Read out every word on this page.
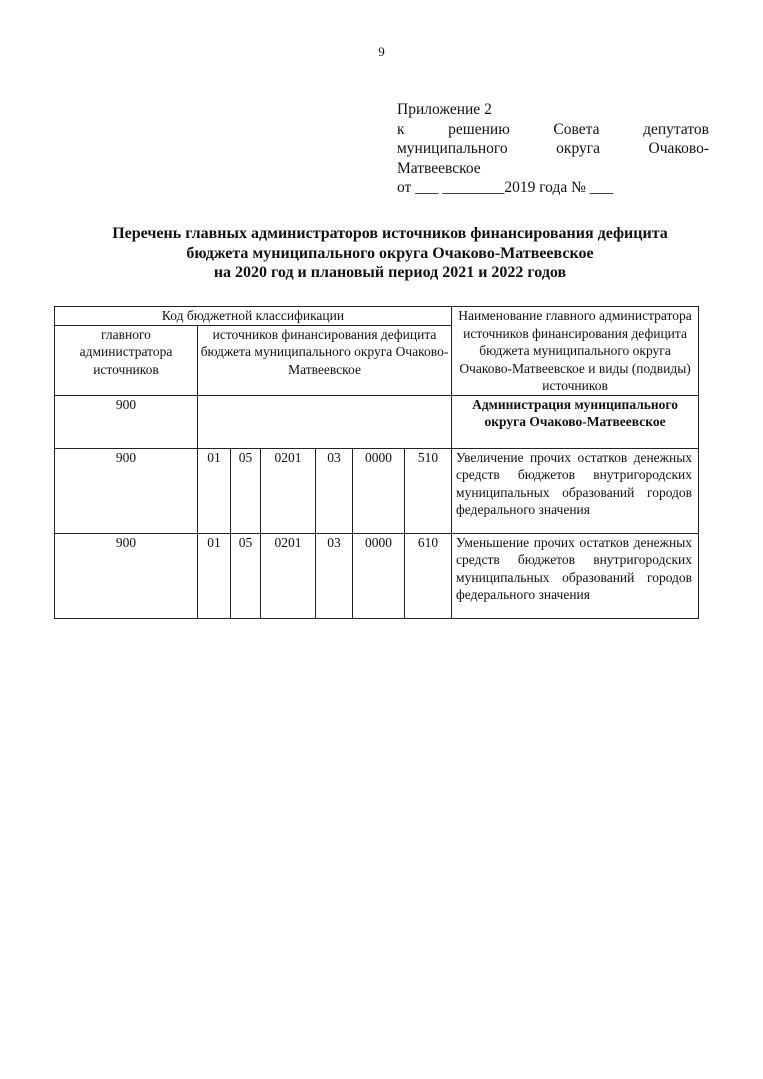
9
Приложение 2
к решению Совета депутатов
муниципального округа Очаково-
Матвеевское
от ___ ________2019 года № ___
Перечень главных администраторов источников финансирования дефицита
бюджета муниципального округа Очаково-Матвеевское
на 2020 год и плановый период 2021 и 2022 годов
Код бюджетной классификации							Наименование главного администратора источников финансирования дефицита бюджета муниципального округа Очаково-Матвеевское и виды (подвиды) источников
главного администратора источников	источников финансирования дефицита бюджета муниципального округа Очаково-Матвеевское						
900							Администрация муниципального округа Очаково-Матвеевское
900	01	05	0201	03	0000	510	Увеличение прочих остатков денежных средств бюджетов внутригородских муниципальных образований городов федерального значения
900	01	05	0201	03	0000	610	Уменьшение прочих остатков денежных средств бюджетов внутригородских муниципальных образований городов федерального значения
